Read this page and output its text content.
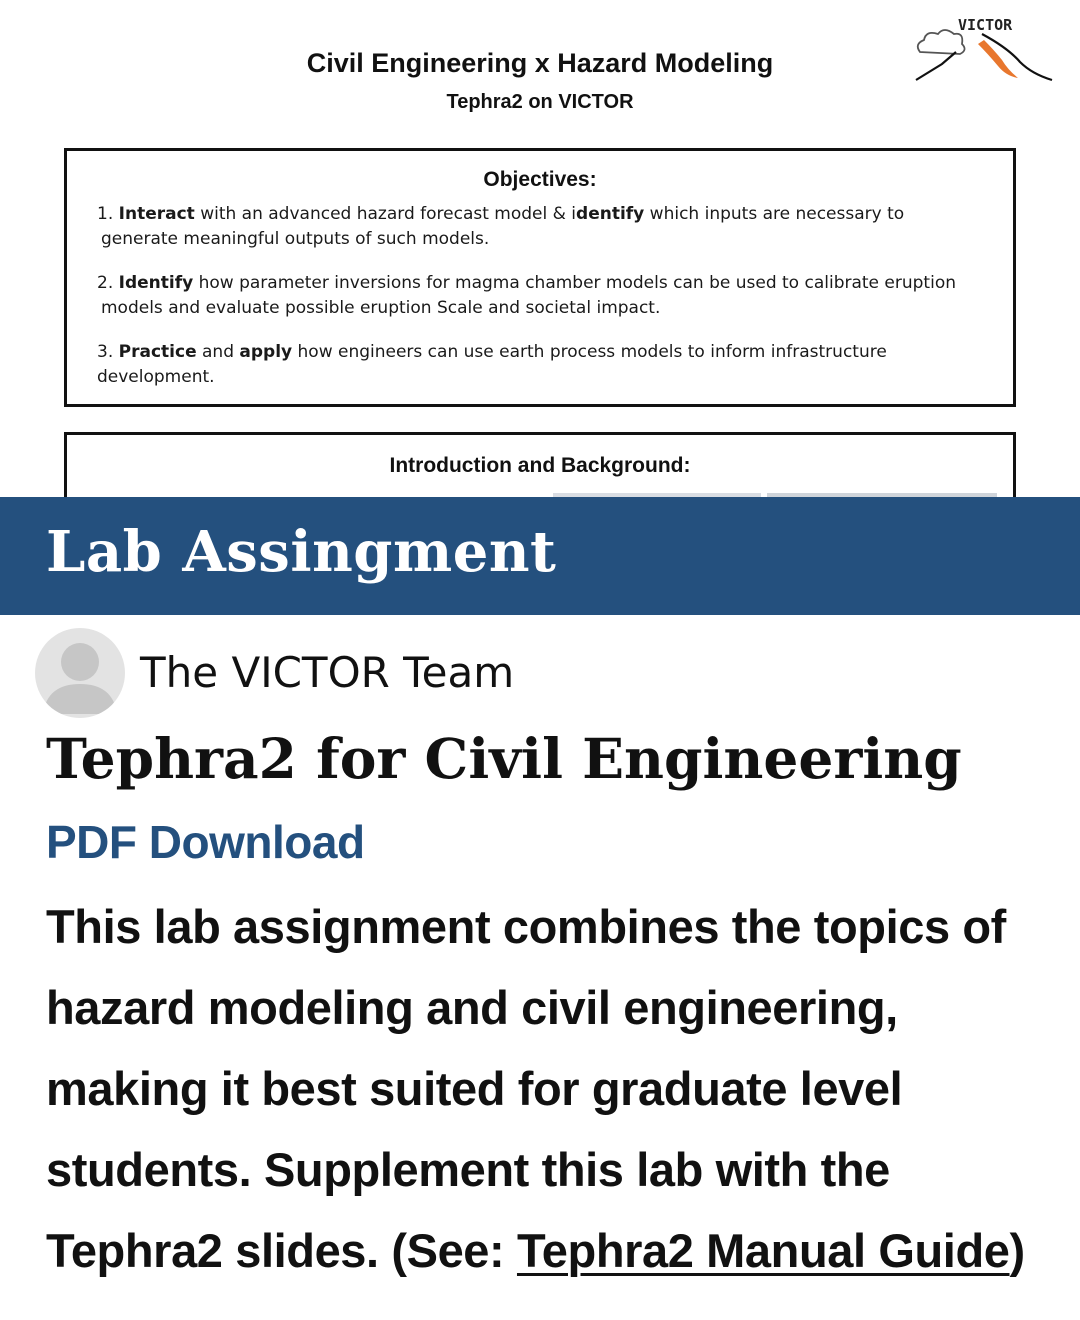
Civil Engineering x Hazard Modeling
Tephra2 on VICTOR
VICTOR
Objectives:

1. Interact with an advanced hazard forecast model & identify which inputs are necessary to generate meaningful outputs of such models.

2. Identify how parameter inversions for magma chamber models can be used to calibrate eruption models and evaluate possible eruption Scale and societal impact.

3. Practice and apply how engineers can use earth process models to inform infrastructure development.

Introduction and Background:
Lab Assingment
The VICTOR Team
Tephra2 for Civil Engineering
PDF Download
This lab assignment combines the topics of hazard modeling and civil engineering, making it best suited for graduate level students. Supplement this lab with the Tephra2 slides. (See: Tephra2 Manual Guide)
